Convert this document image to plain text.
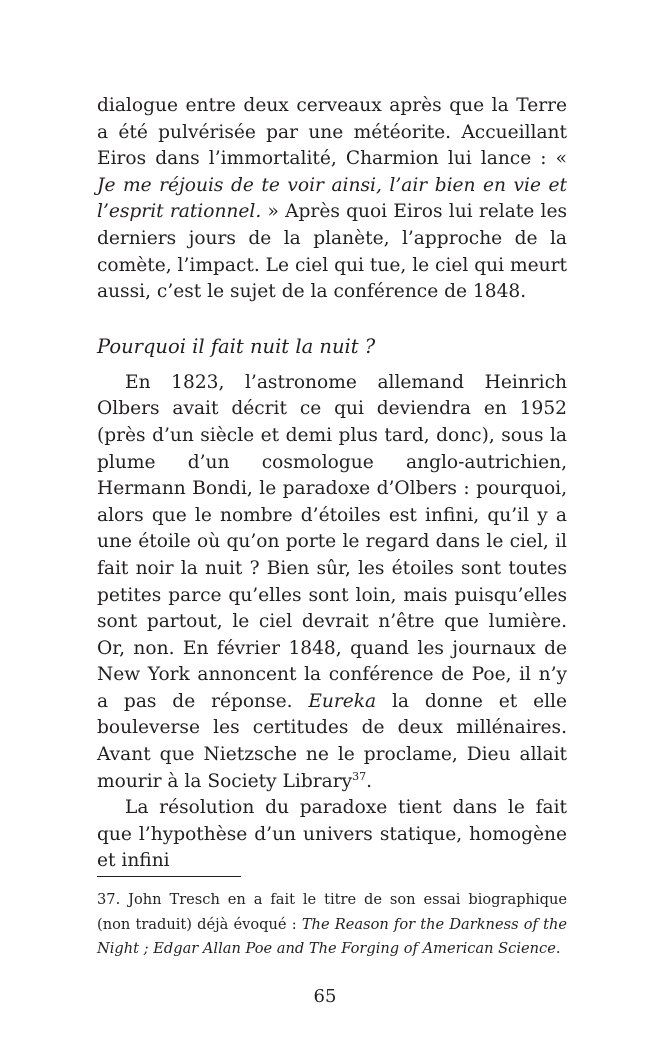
dialogue entre deux cerveaux après que la Terre a été pulvérisée par une météorite. Accueillant Eiros dans l’immortalité, Charmion lui lance : « Je me réjouis de te voir ainsi, l’air bien en vie et l’esprit rationnel. » Après quoi Eiros lui relate les derniers jours de la planète, l’approche de la comète, l’impact. Le ciel qui tue, le ciel qui meurt aussi, c’est le sujet de la conférence de 1848.

Pourquoi il fait nuit la nuit ?

En 1823, l’astronome allemand Heinrich Olbers avait décrit ce qui deviendra en 1952 (près d’un siècle et demi plus tard, donc), sous la plume d’un cosmologue anglo-autrichien, Hermann Bondi, le paradoxe d’Olbers : pourquoi, alors que le nombre d’étoiles est infini, qu’il y a une étoile où qu’on porte le regard dans le ciel, il fait noir la nuit ? Bien sûr, les étoiles sont toutes petites parce qu’elles sont loin, mais puisqu’elles sont partout, le ciel devrait n’être que lumière. Or, non. En février 1848, quand les journaux de New York annoncent la conférence de Poe, il n’y a pas de réponse. Eureka la donne et elle bouleverse les certitudes de deux millénaires. Avant que Nietzsche ne le proclame, Dieu allait mourir à la Society Library$^{37}$.

La résolution du paradoxe tient dans le fait que l’hypothèse d’un univers statique, homogène et infini

37. John Tresch en a fait le titre de son essai biographique (non traduit) déjà évoqué : The Reason for the Darkness of the Night ; Edgar Allan Poe and The Forging of American Science.

65
